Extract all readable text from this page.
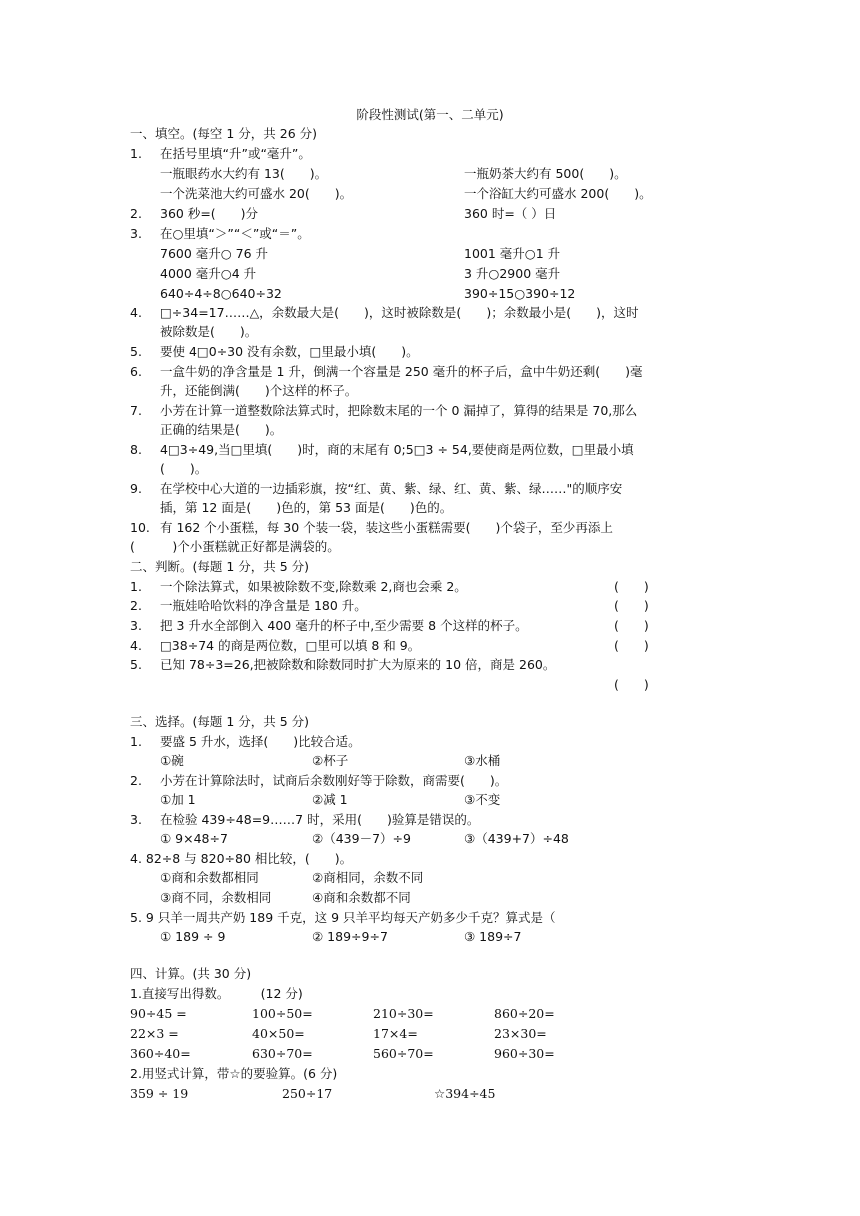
阶段性测试(第一、二单元)
一、填空。(每空 1 分，共 26 分)
1. 在括号里填“升”或“毫升”。
一瓶眼药水大约有 13(　　)。	一瓶奶茶大约有 500(　　)。
一个洗菜池大约可盛水 20(　　)。	一个浴缸大约可盛水 200(　　)。
2. 360 秒=(　　)分	360 时=（ ）日
3. 在○里填“＞”“＜”或“＝”。
7600 毫升○ 76 升	1001 毫升○1 升
4000 毫升○4 升	3 升○2900 毫升
640÷4÷8○640÷32	390÷15○390÷12
4. □÷34=17……△，余数最大是(　　)，这时被除数是(　　)；余数最小是(　　)，这时
被除数是(　　)。
5. 要使 4□0÷30 没有余数，□里最小填(　　)。
6. 一盒牛奶的净含量是 1 升，倒满一个容量是 250 毫升的杯子后，盒中牛奶还剩(　　)毫
升，还能倒满(　　)个这样的杯子。
7. 小芳在计算一道整数除法算式时，把除数末尾的一个 0 漏掉了，算得的结果是 70,那么
正确的结果是(　　)。
8. 4□3÷49,当□里填(　　)时，商的末尾有 0;5□3 ÷ 54,要使商是两位数，□里最小填
(　　)。
9. 在学校中心大道的一边插彩旗，按“红、黄、紫、绿、红、黄、紫、绿……"的顺序安
插，第 12 面是(　　)色的，第 53 面是(　　)色的。
10. 有 162 个小蛋糕，每 30 个装一袋，装这些小蛋糕需要(　　)个袋子，至少再添上
(　　　)个小蛋糕就正好都是满袋的。
二、判断。(每题 1 分，共 5 分)
1. 一个除法算式，如果被除数不变,除数乘 2,商也会乘 2。	(　　)
2. 一瓶娃哈哈饮料的净含量是 180 升。	(　　)
3. 把 3 升水全部倒入 400 毫升的杯子中,至少需要 8 个这样的杯子。	(　　)
4. □38÷74 的商是两位数，□里可以填 8 和 9。	(　　)
5. 已知 78÷3=26,把被除数和除数同时扩大为原来的 10 倍，商是 260。
(　　)
三、选择。(每题 1 分，共 5 分)
1. 要盛 5 升水，选择(　　)比较合适。
①碗	②杯子	③水桶
2. 小芳在计算除法时，试商后余数刚好等于除数，商需要(　　)。
①加 1	②减 1	③不变
3. 在检验 439÷48=9……7 时，采用(　　)验算是错误的。
① 9×48÷7	②（439－7）÷9	③（439+7）÷48
4. 82÷8 与 820÷80 相比较，(　　)。
①商和余数都相同	②商相同，余数不同
③商不同，余数相同	④商和余数都不同
5. 9 只羊一周共产奶 189 千克，这 9 只羊平均每天产奶多少千克？算式是（
① 189 ÷ 9	② 189÷9÷7	③ 189÷7
四、计算。(共 30 分)
1.直接写出得数。　　　(12 分)
90÷45 =	100÷50=	210÷30=	860÷20=
22×3 =	40×50=	17×4=	23×30=
360÷40=	630÷70=	560÷70=	960÷30=
2.用竖式计算，带☆的要验算。(6 分)
359 ÷ 19	250÷17	☆394÷45
